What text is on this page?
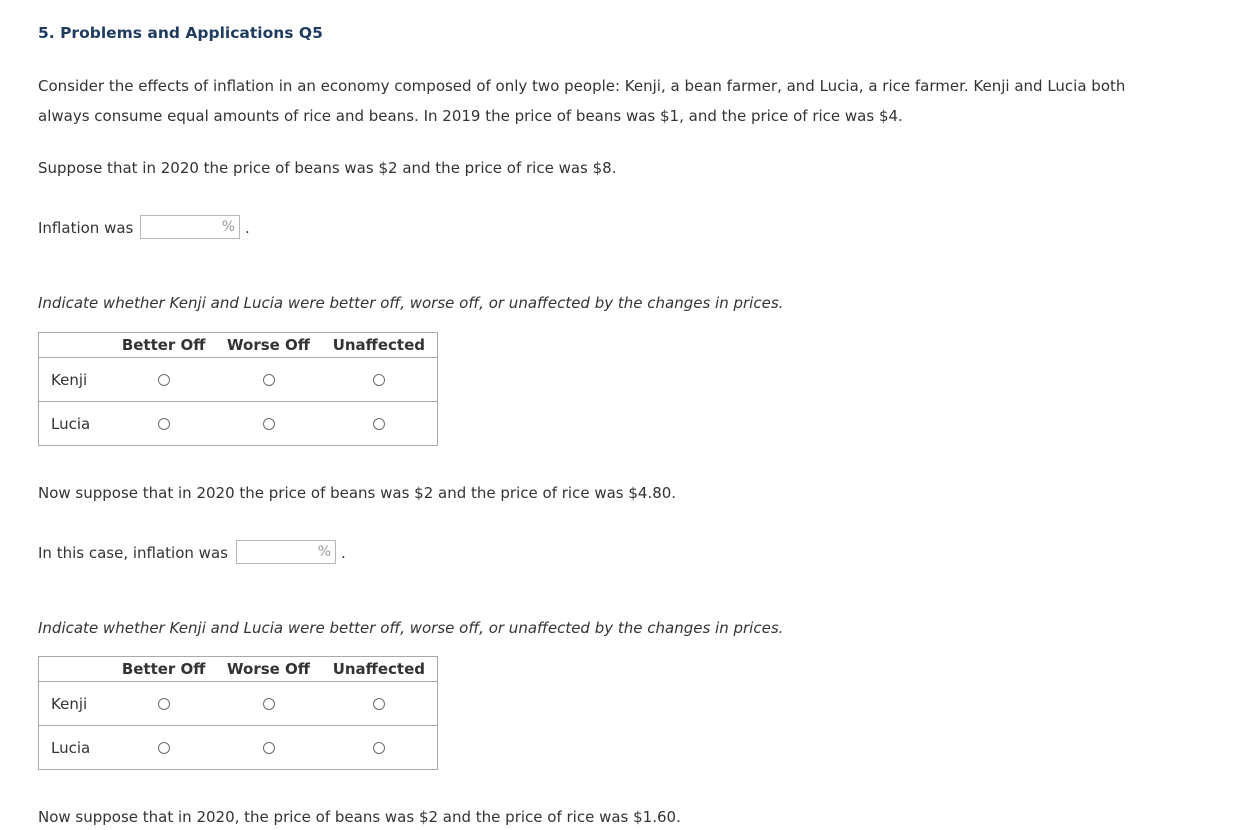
5. Problems and Applications Q5
Consider the effects of inflation in an economy composed of only two people: Kenji, a bean farmer, and Lucia, a rice farmer. Kenji and Lucia both
always consume equal amounts of rice and beans. In 2019 the price of beans was $1, and the price of rice was $4.
Suppose that in 2020 the price of beans was $2 and the price of rice was $8.
Inflation was	% .
Indicate whether Kenji and Lucia were better off, worse off, or unaffected by the changes in prices.
	Better Off	Worse Off	Unaffected
Kenji			
Lucia			
Now suppose that in 2020 the price of beans was $2 and the price of rice was $4.80.
In this case, inflation was	% .
Indicate whether Kenji and Lucia were better off, worse off, or unaffected by the changes in prices.
	Better Off	Worse Off	Unaffected
Kenji			
Lucia			
Now suppose that in 2020, the price of beans was $2 and the price of rice was $1.60.
